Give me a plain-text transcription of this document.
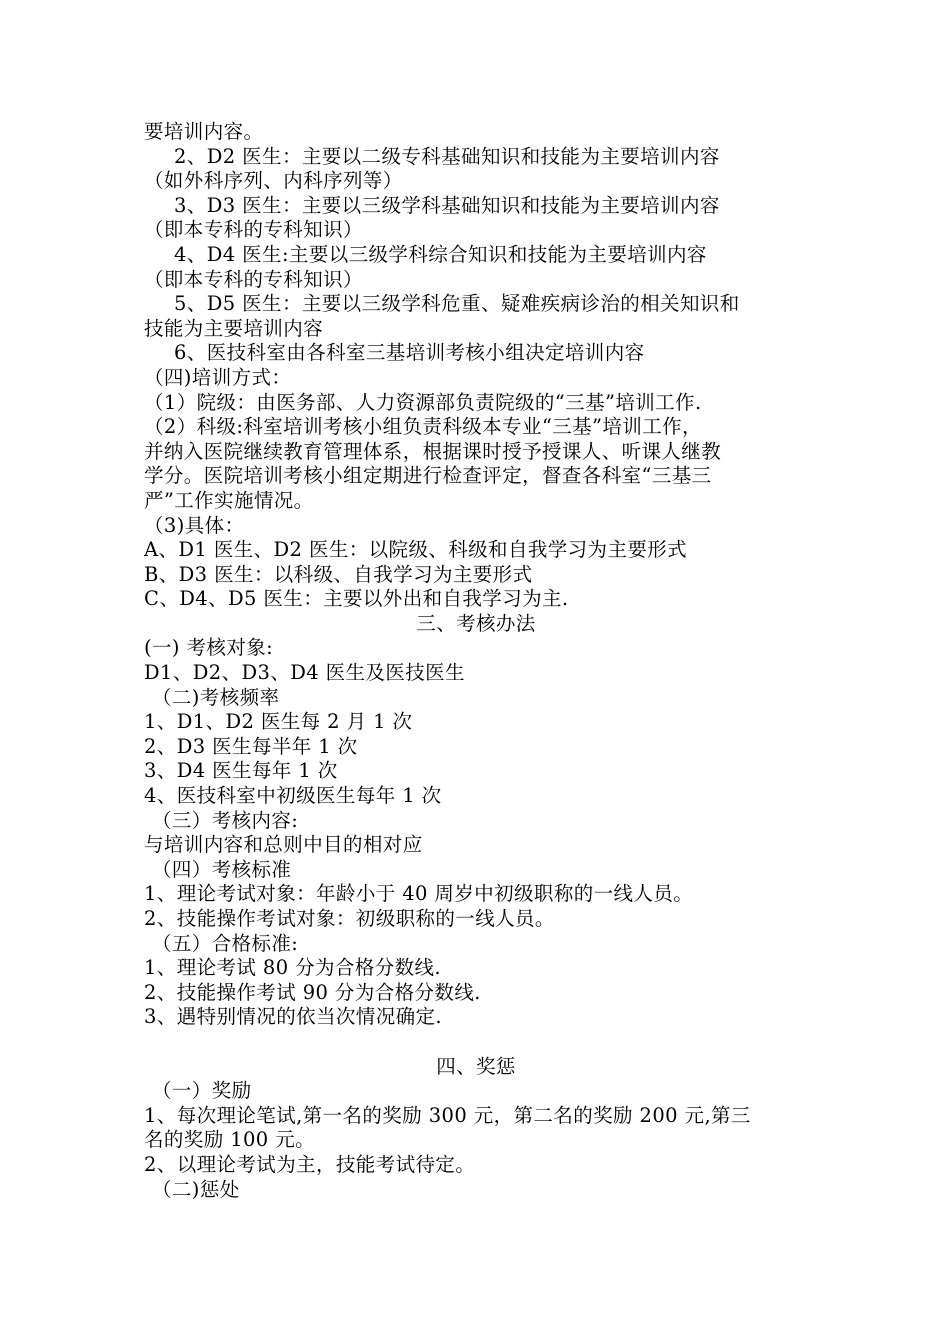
要培训内容。
2、D2 医生：主要以二级专科基础知识和技能为主要培训内容
（如外科序列、内科序列等）
3、D3 医生：主要以三级学科基础知识和技能为主要培训内容
（即本专科的专科知识）
4、D4 医生:主要以三级学科综合知识和技能为主要培训内容
（即本专科的专科知识）
5、D5 医生：主要以三级学科危重、疑难疾病诊治的相关知识和
技能为主要培训内容
6、医技科室由各科室三基培训考核小组决定培训内容
（四)培训方式：
（1）院级：由医务部、人力资源部负责院级的“三基”培训工作.
（2）科级:科室培训考核小组负责科级本专业“三基”培训工作，
并纳入医院继续教育管理体系，根据课时授予授课人、听课人继教
学分。医院培训考核小组定期进行检查评定，督查各科室“三基三
严”工作实施情况。
（3)具体：
A、D1 医生、D2 医生：以院级、科级和自我学习为主要形式
B、D3 医生：以科级、自我学习为主要形式
C、D4、D5 医生：主要以外出和自我学习为主.
三、考核办法
(一) 考核对象:
D1、D2、D3、D4 医生及医技医生
（二)考核频率
1、D1、D2 医生每 2 月 1 次
2、D3 医生每半年 1 次
3、D4 医生每年 1 次
4、医技科室中初级医生每年 1 次
（三）考核内容:
与培训内容和总则中目的相对应
（四）考核标准
1、理论考试对象：年龄小于 40 周岁中初级职称的一线人员。
2、技能操作考试对象：初级职称的一线人员。
（五）合格标准:
1、理论考试 80 分为合格分数线.
2、技能操作考试 90 分为合格分数线.
3、遇特别情况的依当次情况确定.
四、奖惩
（一）奖励
1、每次理论笔试,第一名的奖励 300 元，第二名的奖励 200 元,第三
名的奖励 100 元。
2、以理论考试为主，技能考试待定。
（二)惩处
